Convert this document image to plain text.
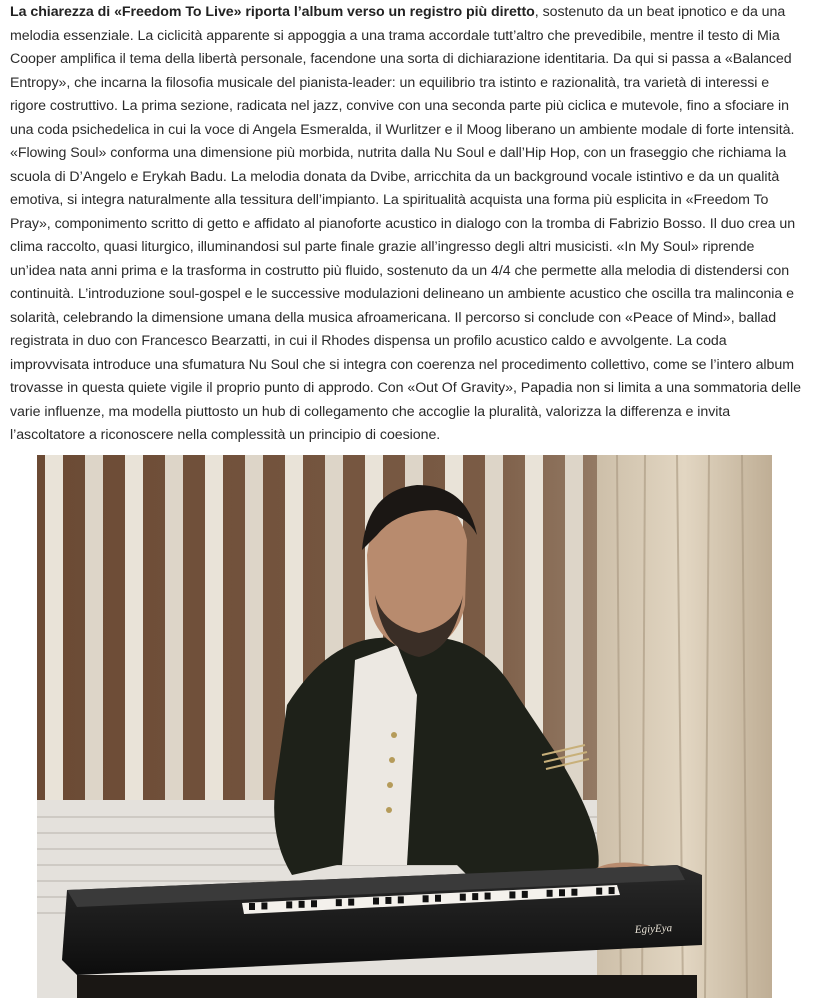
La chiarezza di «Freedom To Live» riporta l’album verso un registro più diretto, sostenuto da un beat ipnotico e da una melodia essenziale. La ciclicità apparente si appoggia a una trama accordale tutt’altro che prevedibile, mentre il testo di Mia Cooper amplifica il tema della libertà personale, facendone una sorta di dichiarazione identitaria. Da qui si passa a «Balanced Entropy», che incarna la filosofia musicale del pianista-leader: un equilibrio tra istinto e razionalità, tra varietà di interessi e rigore costruttivo. La prima sezione, radicata nel jazz, convive con una seconda parte più ciclica e mutevole, fino a sfociare in una coda psichedelica in cui la voce di Angela Esmeralda, il Wurlitzer e il Moog liberano un ambiente modale di forte intensità. «Flowing Soul» conforma una dimensione più morbida, nutrita dalla Nu Soul e dall’Hip Hop, con un fraseggio che richiama la scuola di D’Angelo e Erykah Badu. La melodia donata da Dvibe, arricchita da un background vocale istintivo e da un qualità emotiva, si integra naturalmente alla tessitura dell’impianto. La spiritualità acquista una forma più esplicita in «Freedom To Pray», componimento scritto di getto e affidato al pianoforte acustico in dialogo con la tromba di Fabrizio Bosso. Il duo crea un clima raccolto, quasi liturgico, illuminandosi sul parte finale grazie all’ingresso degli altri musicisti. «In My Soul» riprende un’idea nata anni prima e la trasforma in costrutto più fluido, sostenuto da un 4/4 che permette alla melodia di distendersi con continuità. L’introduzione soul-gospel e le successive modulazioni delineano un ambiente acustico che oscilla tra malinconia e solarità, celebrando la dimensione umana della musica afroamericana. Il percorso si conclude con «Peace of Mind», ballad registrata in duo con Francesco Bearzatti, in cui il Rhodes dispensa un profilo acustico caldo e avvolgente. La coda improvvisata introduce una sfumatura Nu Soul che si integra con coerenza nel procedimento collettivo, come se l’intero album trovasse in questa quiete vigile il proprio punto di approdo. Con «Out Of Gravity», Papadia non si limita a una sommatoria delle varie influenze, ma modella piuttosto un hub di collegamento che accoglie la pluralità, valorizza la differenza e invita l’ascoltatore a riconoscere nella complessità un principio di coesione.

EgiyEya
